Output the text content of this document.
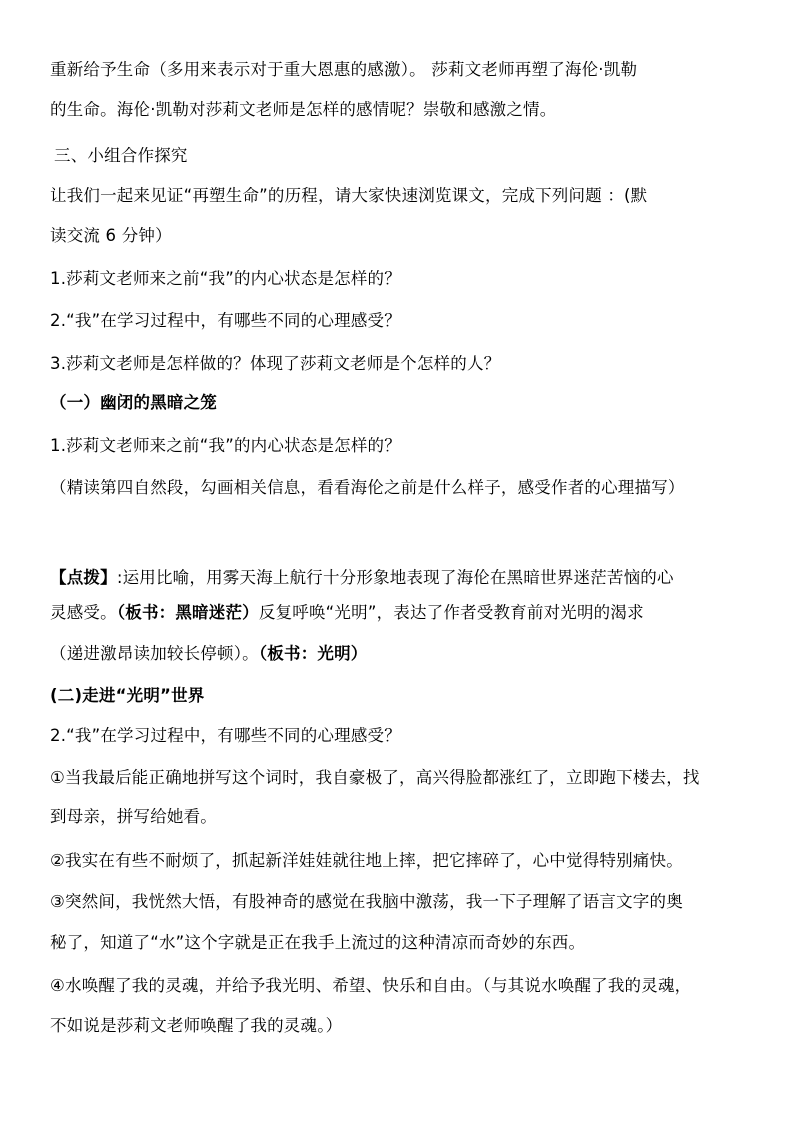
重新给予生命（多用来表示对于重大恩惠的感激）。 莎莉文老师再塑了海伦·凯勒
的生命。海伦·凯勒对莎莉文老师是怎样的感情呢？崇敬和感激之情。
三、小组合作探究
让我们一起来见证“再塑生命”的历程，请大家快速浏览课文，完成下列问题 ：(默
读交流 6 分钟）
1.莎莉文老师来之前“我”的内心状态是怎样的？
2.“我”在学习过程中，有哪些不同的心理感受？
3.莎莉文老师是怎样做的？体现了莎莉文老师是个怎样的人？
（一）幽闭的黑暗之笼
1.莎莉文老师来之前“我”的内心状态是怎样的？
（精读第四自然段，勾画相关信息，看看海伦之前是什么样子，感受作者的心理描写）
【点拨】:运用比喻，用雾天海上航行十分形象地表现了海伦在黑暗世界迷茫苦恼的心
灵感受。（板书：黑暗迷茫）反复呼唤“光明”，表达了作者受教育前对光明的渴求
（递进激昂读加较长停顿）。（板书：光明）
(二)走进“光明”世界
2.“我”在学习过程中，有哪些不同的心理感受？
①当我最后能正确地拼写这个词时，我自豪极了，高兴得脸都涨红了，立即跑下楼去，找
到母亲，拼写给她看。
②我实在有些不耐烦了，抓起新洋娃娃就往地上摔，把它摔碎了，心中觉得特别痛快。
③突然间，我恍然大悟，有股神奇的感觉在我脑中激荡，我一下子理解了语言文字的奥
秘了，知道了“水”这个字就是正在我手上流过的这种清凉而奇妙的东西。
④水唤醒了我的灵魂，并给予我光明、希望、快乐和自由。（与其说水唤醒了我的灵魂，
不如说是莎莉文老师唤醒了我的灵魂。）
